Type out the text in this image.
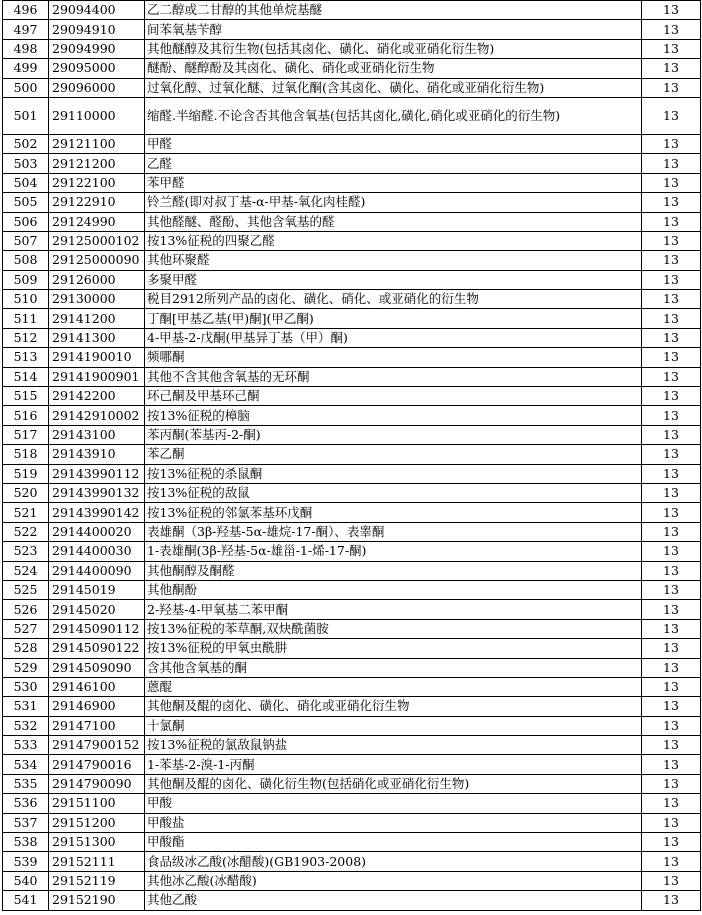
496	29094400	乙二醇或二甘醇的其他单烷基醚	13
497	29094910	间苯氧基苄醇	13
498	29094990	其他醚醇及其衍生物(包括其卤化、磺化、硝化或亚硝化衍生物)	13
499	29095000	醚酚、醚醇酚及其卤化、磺化、硝化或亚硝化衍生物	13
500	29096000	过氧化醇、过氧化醚、过氧化酮(含其卤化、磺化、硝化或亚硝化衍生物)	13
501	29110000	缩醛.半缩醛.不论含否其他含氧基(包括其卤化,磺化,硝化或亚硝化的衍生物)	13
502	29121100	甲醛	13
503	29121200	乙醛	13
504	29122100	苯甲醛	13
505	29122910	铃兰醛(即对叔丁基-α-甲基-氧化肉桂醛)	13
506	29124990	其他醛醚、醛酚、其他含氧基的醛	13
507	29125000102	按13%征税的四聚乙醛	13
508	29125000090	其他环聚醛	13
509	29126000	多聚甲醛	13
510	29130000	税目2912所列产品的卤化、磺化、硝化、或亚硝化的衍生物	13
511	29141200	丁酮[甲基乙基(甲)酮](甲乙酮)	13
512	29141300	4-甲基-2-戊酮(甲基异丁基（甲）酮)	13
513	2914190010	频哪酮	13
514	29141900901	其他不含其他含氧基的无环酮	13
515	29142200	环己酮及甲基环己酮	13
516	29142910002	按13%征税的樟脑	13
517	29143100	苯丙酮(苯基丙-2-酮)	13
518	29143910	苯乙酮	13
519	29143990112	按13%征税的杀鼠酮	13
520	29143990132	按13%征税的敌鼠	13
521	29143990142	按13%征税的邻氯苯基环戊酮	13
522	2914400020	表雄酮（3β-羟基-5α-雄烷-17-酮）、表睾酮	13
523	2914400030	1-表雄酮(3β-羟基-5α-雄甾-1-烯-17-酮)	13
524	2914400090	其他酮醇及酮醛	13
525	29145019	其他酮酚	13
526	29145020	2-羟基-4-甲氧基二苯甲酮	13
527	29145090112	按13%征税的苯草酮,双炔酰菌胺	13
528	29145090122	按13%征税的甲氧虫酰肼	13
529	2914509090	含其他含氧基的酮	13
530	29146100	蒽醌	13
531	29146900	其他酮及醌的卤化、磺化、硝化或亚硝化衍生物	13
532	29147100	十氯酮	13
533	29147900152	按13%征税的氯敌鼠钠盐	13
534	2914790016	1-苯基-2-溴-1-丙酮	13
535	2914790090	其他酮及醌的卤化、磺化衍生物(包括硝化或亚硝化衍生物)	13
536	29151100	甲酸	13
537	29151200	甲酸盐	13
538	29151300	甲酸酯	13
539	29152111	食品级冰乙酸(冰醋酸)(GB1903-2008)	13
540	29152119	其他冰乙酸(冰醋酸)	13
541	29152190	其他乙酸	13
